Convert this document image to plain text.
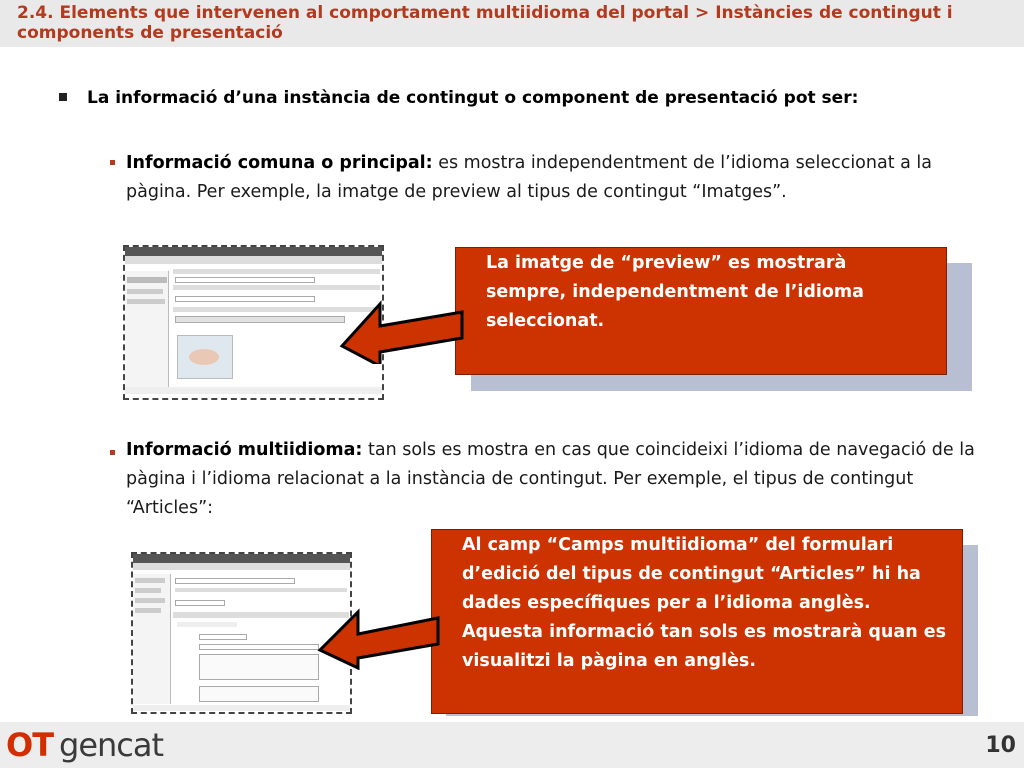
2.4. Elements que intervenen al comportament multiidioma del portal > Instàncies de contingut i components de presentació
La informació d’una instància de contingut o component de presentació pot ser:
Informació comuna o principal: es mostra independentment de l’idioma seleccionat a la pàgina. Per exemple, la imatge de preview al tipus de contingut “Imatges”.
La imatge de “preview” es mostrarà sempre, independentment de l’idioma seleccionat.
Informació multiidioma: tan sols es mostra en cas que coincideixi l’idioma de navegació de la pàgina i l’idioma relacionat a la instància de contingut. Per exemple, el tipus de contingut “Articles”:
Al camp “Camps multiidioma” del formulari d’edició del tipus de contingut “Articles” hi ha dades específiques per a l’idioma anglès. Aquesta informació tan sols es mostrarà quan es visualitzi la pàgina en anglès.
OT gencat	10
